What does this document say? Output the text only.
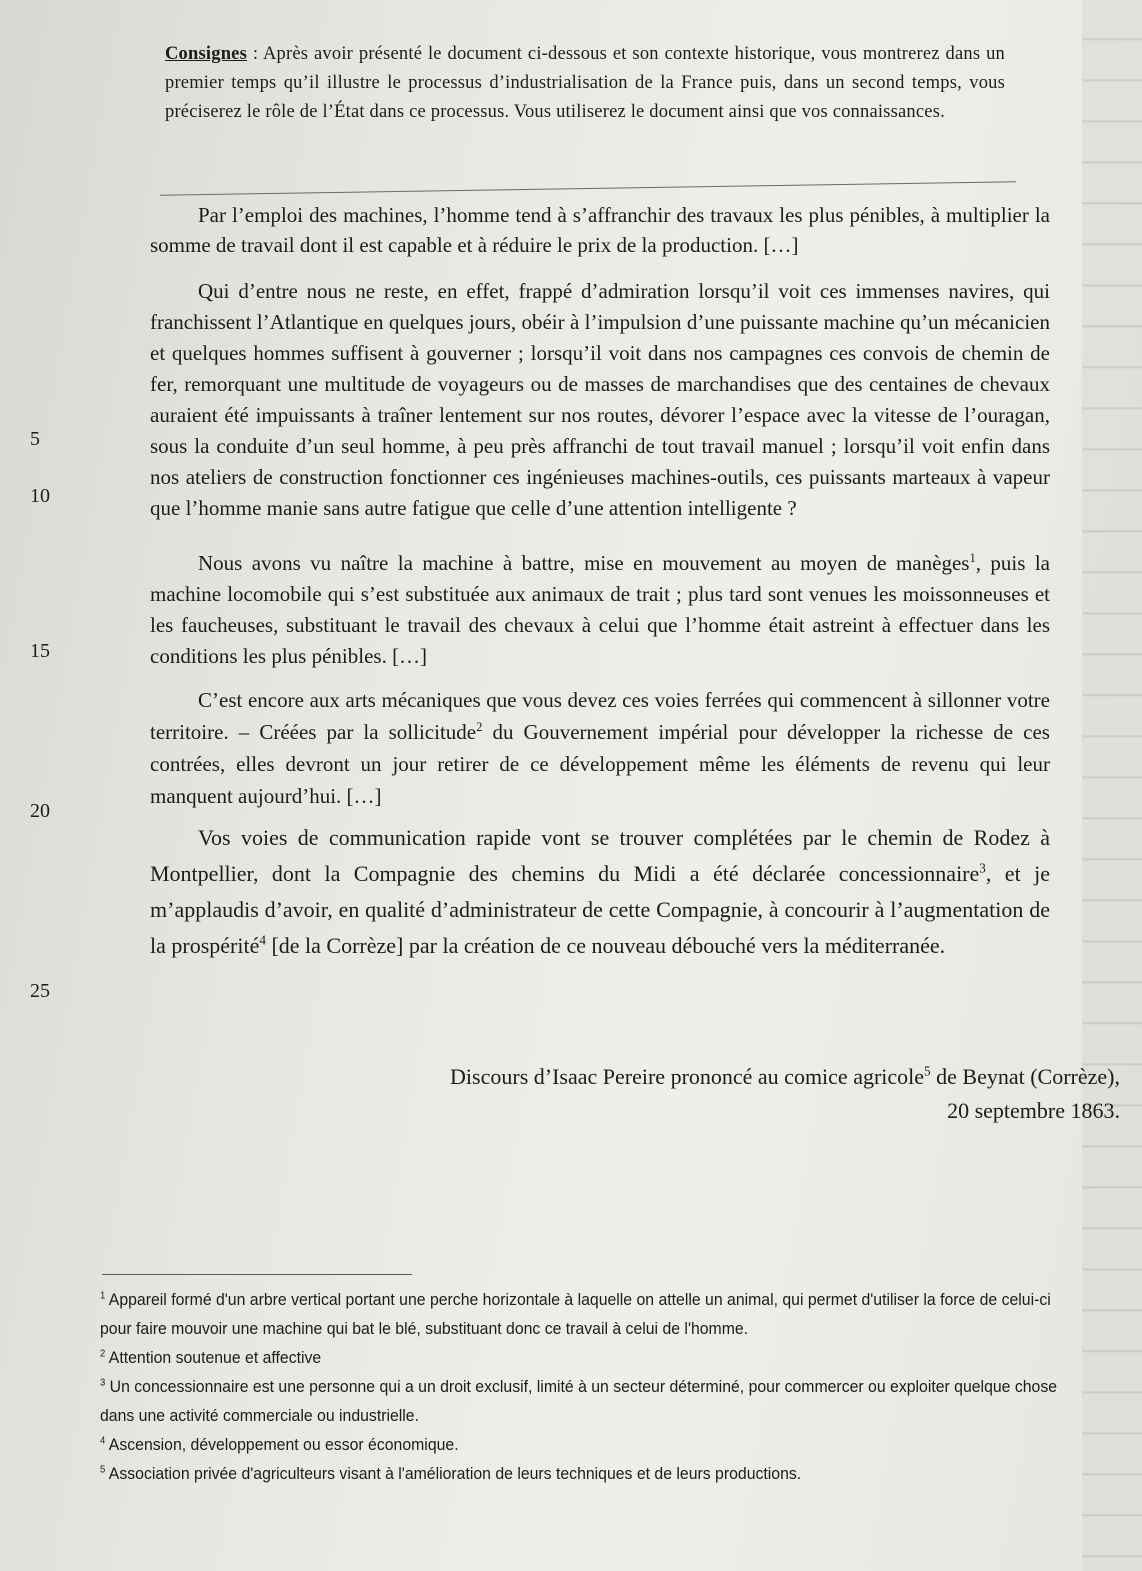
Consignes : Après avoir présenté le document ci-dessous et son contexte historique, vous montrerez dans un premier temps qu’il illustre le processus d’industrialisation de la France puis, dans un second temps, vous préciserez le rôle de l’État dans ce processus. Vous utiliserez le document ainsi que vos connaissances.

Par l’emploi des machines, l’homme tend à s’affranchir des travaux les plus pénibles, à multiplier la somme de travail dont il est capable et à réduire le prix de la production. […]

Qui d’entre nous ne reste, en effet, frappé d’admiration lorsqu’il voit ces immenses navires, qui franchissent l’Atlantique en quelques jours, obéir à l’impulsion d’une puissante machine qu’un mécanicien et quelques hommes suffisent à gouverner ; lorsqu’il voit dans nos campagnes ces convois de chemin de fer, remorquant une multitude de voyageurs ou de masses de marchandises que des centaines de chevaux auraient été impuissants à traîner lentement sur nos routes, dévorer l’espace avec la vitesse de l’ouragan, sous la conduite d’un seul homme, à peu près affranchi de tout travail manuel ; lorsqu’il voit enfin dans nos ateliers de construction fonctionner ces ingénieuses machines-outils, ces puissants marteaux à vapeur que l’homme manie sans autre fatigue que celle d’une attention intelligente ?

Nous avons vu naître la machine à battre, mise en mouvement au moyen de manèges$^1$, puis la machine locomobile qui s’est substituée aux animaux de trait ; plus tard sont venues les moissonneuses et les faucheuses, substituant le travail des chevaux à celui que l’homme était astreint à effectuer dans les conditions les plus pénibles. […]

C’est encore aux arts mécaniques que vous devez ces voies ferrées qui commencent à sillonner votre territoire. – Créées par la sollicitude$^2$ du Gouvernement impérial pour développer la richesse de ces contrées, elles devront un jour retirer de ce développement même les éléments de revenu qui leur manquent aujourd’hui. […]

Vos voies de communication rapide vont se trouver complétées par le chemin de Rodez à Montpellier, dont la Compagnie des chemins du Midi a été déclarée concessionnaire$^3$, et je m’applaudis d’avoir, en qualité d’administrateur de cette Compagnie, à concourir à l’augmentation de la prospérité$^4$ [de la Corrèze] par la création de ce nouveau débouché vers la méditerranée.

5
10
15
20
25
Discours d’Isaac Pereire prononcé au comice agricole$^5$ de Beynat (Corrèze),
20 septembre 1863.

$^1$ Appareil formé d'un arbre vertical portant une perche horizontale à laquelle on attelle un animal, qui permet d'utiliser la force de celui-ci pour faire mouvoir une machine qui bat le blé, substituant donc ce travail à celui de l'homme.

$^2$ Attention soutenue et affective

$^3$ Un concessionnaire est une personne qui a un droit exclusif, limité à un secteur déterminé, pour commercer ou exploiter quelque chose dans une activité commerciale ou industrielle.

$^4$ Ascension, développement ou essor économique.

$^5$ Association privée d'agriculteurs visant à l'amélioration de leurs techniques et de leurs productions.
